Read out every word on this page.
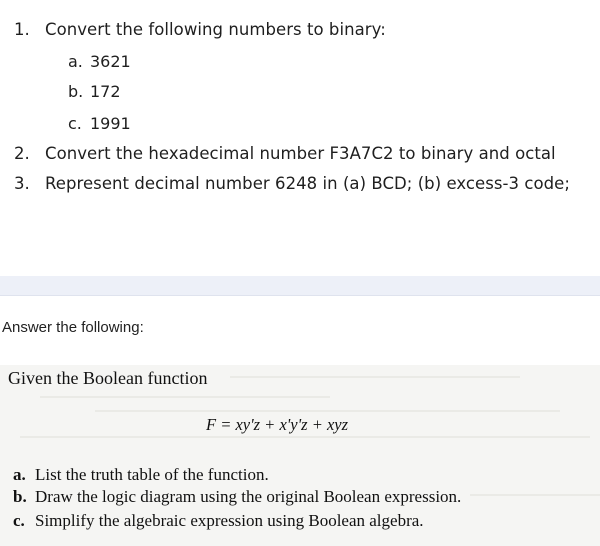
1. Convert the following numbers to binary:
a. 3621
b. 172
c. 1991
2. Convert the hexadecimal number F3A7C2 to binary and octal
3. Represent decimal number 6248 in (a) BCD; (b) excess-3 code;
Answer the following:
Given the Boolean function
F = xy'z + x'y'z + xyz
a. List the truth table of the function.
b. Draw the logic diagram using the original Boolean expression.
c. Simplify the algebraic expression using Boolean algebra.
